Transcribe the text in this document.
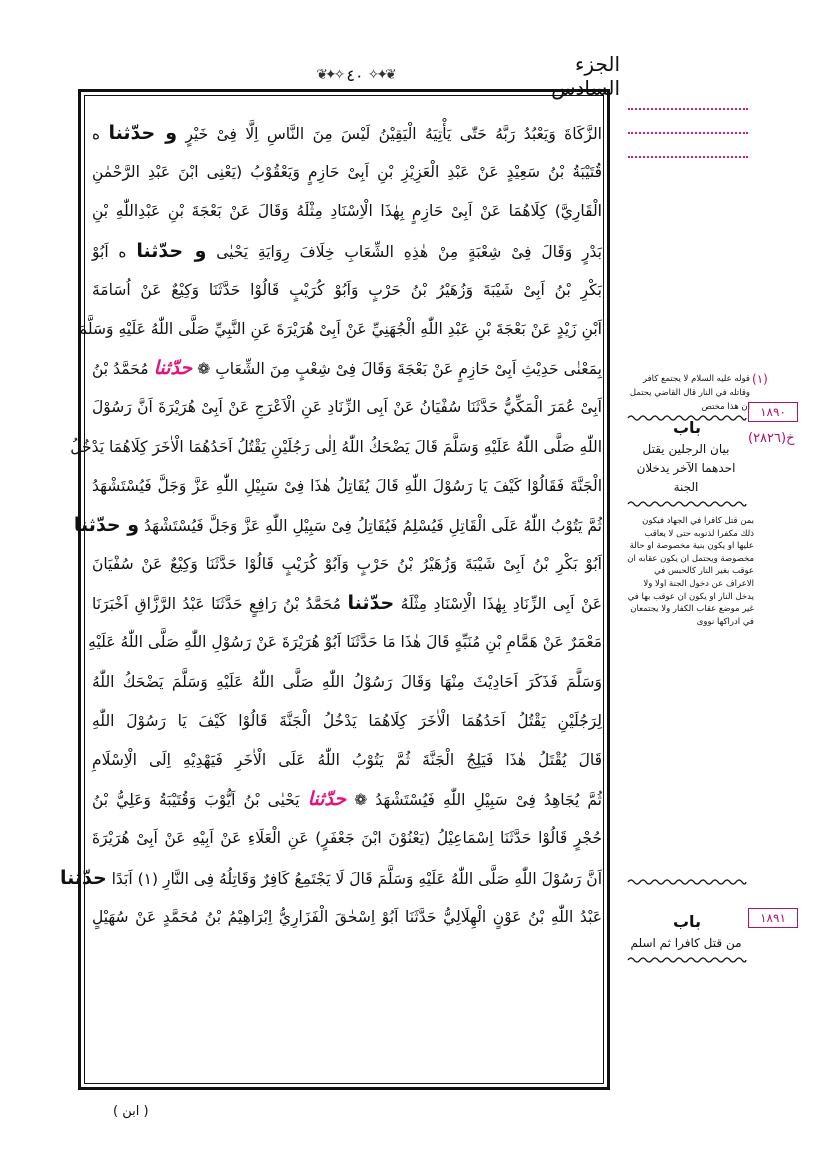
الجزء السادس
❦✦✧ ٤٠ ✧✦❦
الزَّكَاةَ وَيَعْبُدُ رَبَّهُ حَتّٰی يَأْتِيَهُ الْيَقِيْنُ لَيْسَ مِنَ النَّاسِ اِلَّا فِىْ خَيْرٍ و حدّثنا ه
قُتَيْبَةُ بْنُ سَعِيْدٍ عَنْ عَبْدِ الْعَزِيْزِ بْنِ اَبِىْ حَازِمٍ وَيَعْقُوْبُ (يَعْنِى ابْنَ عَبْدِ الرَّحْمٰنِ
الْقَارِيَّ) كِلَاهُمَا عَنْ اَبِىْ حَازِمٍ بِهٰذَا الْاِسْنَادِ مِثْلَهُ وَقَالَ عَنْ بَعْجَةَ بْنِ عَبْدِاللّٰهِ بْنِ
بَدْرٍ وَقَالَ فِىْ شِعْبَةٍ مِنْ هٰذِهِ الشِّعَابِ خِلَافَ رِوَايَةِ يَحْيٰى و حدّثنا ه اَبُوْ
بَكْرِ بْنُ اَبِىْ شَيْبَةَ وَزُهَيْرُ بْنُ حَرْبٍ وَاَبُوْ كُرَيْبٍ قَالُوْا حَدَّثَنَا وَكِيْعٌ عَنْ اُسَامَةَ
اَبْنِ زَيْدٍ عَنْ بَعْجَةَ بْنِ عَبْدِ اللّٰهِ الْجُهَنِيِّ عَنْ اَبِىْ هُرَيْرَةَ عَنِ النَّبِيِّ صَلَّى اللّٰهُ عَلَيْهِ وَسَلَّمَ
بِمَعْنٰى حَدِيْثِ اَبِىْ حَازِمٍ عَنْ بَعْجَةَ وَقَالَ فِىْ شِعْبٍ مِنَ الشِّعَابِ ❁ حدّثنا مُحَمَّدُ بْنُ
اَبِىْ عُمَرَ الْمَكِّيُّ حَدَّثَنَا سُفْيَانُ عَنْ اَبِى الزِّنَادِ عَنِ الْاَعْرَجِ عَنْ اَبِىْ هُرَيْرَةَ اَنَّ رَسُوْلَ
اللّٰهِ صَلَّى اللّٰهُ عَلَيْهِ وَسَلَّمَ قَالَ يَضْحَكُ اللّٰهُ اِلٰى رَجُلَيْنِ يَقْتُلُ اَحَدُهُمَا الْاٰخَرَ كِلَاهُمَا يَدْخُلُ
الْجَنَّةَ فَقَالُوْا كَيْفَ يَا رَسُوْلَ اللّٰهِ قَالَ يُقَاتِلُ هٰذَا فِىْ سَبِيْلِ اللّٰهِ عَزَّ وَجَلَّ فَيُسْتَشْهَدُ
ثُمَّ يَتُوْبُ اللّٰهُ عَلَى الْقَاتِلِ فَيُسْلِمُ فَيُقَاتِلُ فِىْ سَبِيْلِ اللّٰهِ عَزَّ وَجَلَّ فَيُسْتَشْهَدُ و حدّثنا
اَبُوْ بَكْرِ بْنُ اَبِىْ شَيْبَةَ وَزُهَيْرُ بْنُ حَرْبٍ وَاَبُوْ كُرَيْبٍ قَالُوْا حَدَّثَنَا وَكِيْعٌ عَنْ سُفْيَانَ
عَنْ اَبِى الزِّنَادِ بِهٰذَا الْاِسْنَادِ مِثْلَهُ حدّثنا مُحَمَّدُ بْنُ رَافِعٍ حَدَّثَنَا عَبْدُ الرَّزَّاقِ اَخْبَرَنَا
مَعْمَرٌ عَنْ هَمَّامِ بْنِ مُنَبِّهٍ قَالَ هٰذَا مَا حَدَّثَنَا اَبُوْ هُرَيْرَةَ عَنْ رَسُوْلِ اللّٰهِ صَلَّى اللّٰهُ عَلَيْهِ
وَسَلَّمَ فَذَكَرَ اَحَادِيْثَ مِنْهَا وَقَالَ رَسُوْلُ اللّٰهِ صَلَّى اللّٰهُ عَلَيْهِ وَسَلَّمَ يَضْحَكُ اللّٰهُ
لِرَجُلَيْنِ يَقْتُلُ اَحَدُهُمَا الْاٰخَرَ كِلَاهُمَا يَدْخُلُ الْجَنَّةَ قَالُوْا كَيْفَ يَا رَسُوْلَ اللّٰهِ
قَالَ يُقْتَلُ هٰذَا فَيَلِجُ الْجَنَّةَ ثُمَّ يَتُوْبُ اللّٰهُ عَلَى الْاٰخَرِ فَيَهْدِيْهِ اِلَى الْاِسْلَامِ
ثُمَّ يُجَاهِدُ فِىْ سَبِيْلِ اللّٰهِ فَيُسْتَشْهَدُ ❁ حدّثنا يَحْيٰى بْنُ اَيُّوْبَ وَقُتَيْبَةُ وَعَلِيُّ بْنُ
حُجْرٍ قَالُوْا حَدَّثَنَا اِسْمَاعِيْلُ (يَعْنُوْنَ ابْنَ جَعْفَرٍ) عَنِ الْعَلَاءِ عَنْ اَبِيْهِ عَنْ اَبِىْ هُرَيْرَةَ
اَنَّ رَسُوْلَ اللّٰهِ صَلَّى اللّٰهُ عَلَيْهِ وَسَلَّمَ قَالَ لَا يَجْتَمِعُ كَافِرٌ وَقَاتِلُهُ فِى النَّارِ (١) اَبَدًا حدّثنا
عَبْدُ اللّٰهِ بْنُ عَوْنٍ الْهِلَالِيُّ حَدَّثَنَا اَبُوْ اِسْحٰقَ الْفَزَارِيُّ اِبْرَاهِيْمُ بْنُ مُحَمَّدٍ عَنْ سُهَيْلٍ
(١)
قوله عليه السلام لا يجتمع كافر وقاتله في النار قال القاضي يحتمل ان هذا مختص
باب
بيان الرجلين يقتل احدهما الآخر يدخلان الجنة
١٨٩٠
خ(٢٨٢٦)
بمن قتل كافرا في الجهاد فيكون ذلك مكفرا لذنوبه حتى لا يعاقب عليها او يكون بنية مخصوصة او حالة مخصوصة ويحتمل ان يكون عقابه ان عوقب بغير النار كالحبس في الاعراف عن دخول الجنة اولا ولا يدخل النار او يكون ان عوقب بها في غير موضع عقاب الكفار ولا يجتمعان في ادراكها نووى
باب
من قتل كافرا ثم اسلم
١٨٩١
( ابن )
